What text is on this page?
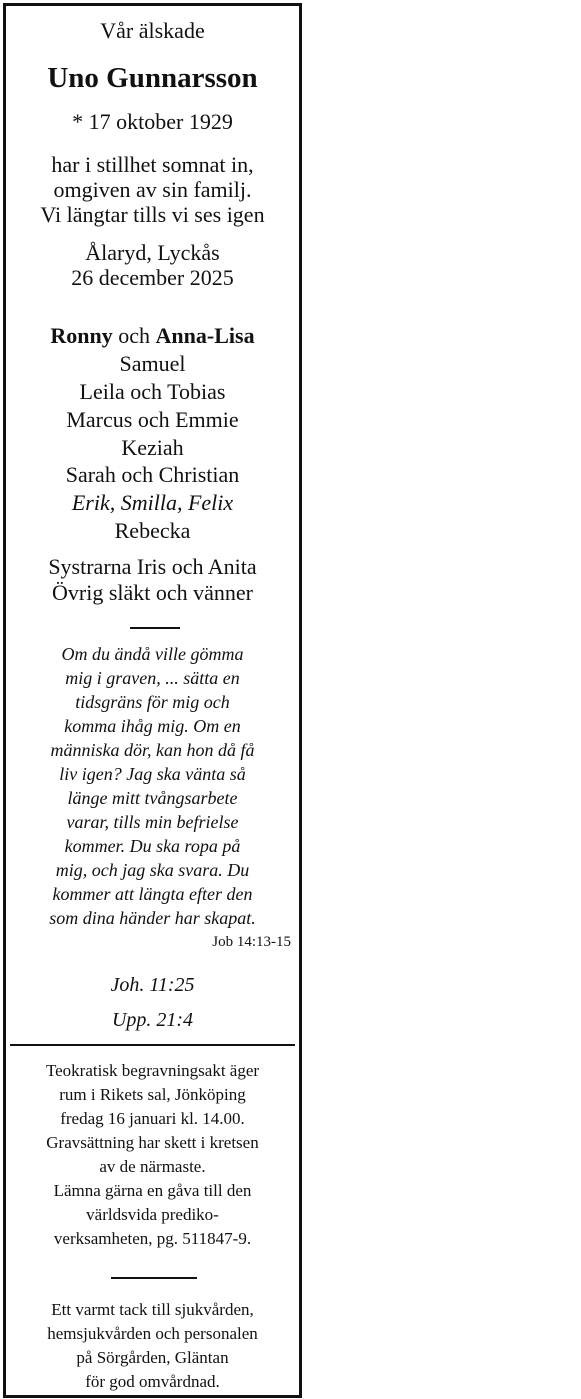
Vår älskade
Uno Gunnarsson
* 17 oktober 1929
har i stillhet somnat in,
omgiven av sin familj.
Vi längtar tills vi ses igen
Ålaryd, Lyckås
26 december 2025
Ronny och Anna-Lisa
Samuel
Leila och Tobias
Marcus och Emmie
Keziah
Sarah och Christian
Erik, Smilla, Felix
Rebecka
Systrarna Iris och Anita
Övrig släkt och vänner
Om du ändå ville gömma
mig i graven, ... sätta en
tidsgräns för mig och
komma ihåg mig. Om en
människa dör, kan hon då få
liv igen? Jag ska vänta så
länge mitt tvångsarbete
varar, tills min befrielse
kommer. Du ska ropa på
mig, och jag ska svara. Du
kommer att längta efter den
som dina händer har skapat.
Job 14:13-15
Joh. 11:25
Upp. 21:4
Teokratisk begravningsakt äger
rum i Rikets sal, Jönköping
fredag 16 januari kl. 14.00.
Gravsättning har skett i kretsen
av de närmaste.
Lämna gärna en gåva till den
världsvida prediko-
verksamheten, pg. 511847-9.
Ett varmt tack till sjukvården,
hemsjukvården och personalen
på Sörgården, Gläntan
för god omvårdnad.
